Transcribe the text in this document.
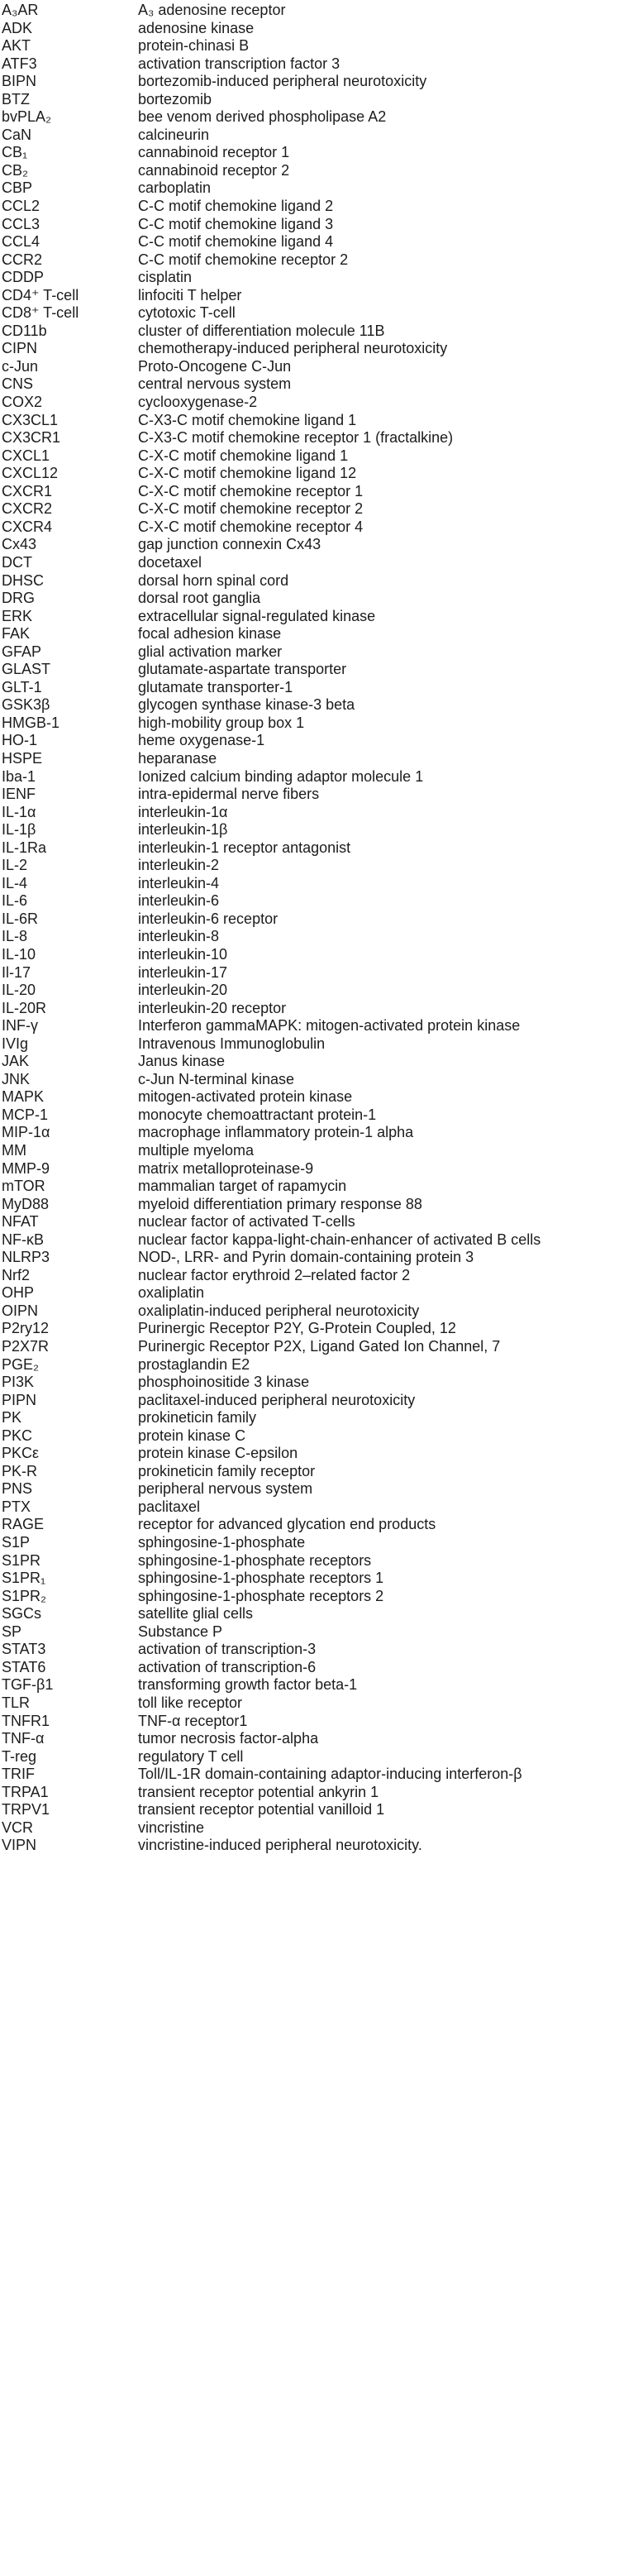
A₃AR	A₃ adenosine receptor
ADK	adenosine kinase
AKT	protein-chinasi B
ATF3	activation transcription factor 3
BIPN	bortezomib-induced peripheral neurotoxicity
BTZ	bortezomib
bvPLA₂	bee venom derived phospholipase A2
CaN	calcineurin
CB₁	cannabinoid receptor 1
CB₂	cannabinoid receptor 2
CBP	carboplatin
CCL2	C-C motif chemokine ligand 2
CCL3	C-C motif chemokine ligand 3
CCL4	C-C motif chemokine ligand 4
CCR2	C-C motif chemokine receptor 2
CDDP	cisplatin
CD4⁺ T-cell	linfociti T helper
CD8⁺ T-cell	cytotoxic T-cell
CD11b	cluster of differentiation molecule 11B
CIPN	chemotherapy-induced peripheral neurotoxicity
c-Jun	Proto-Oncogene C-Jun
CNS	central nervous system
COX2	cyclooxygenase-2
CX3CL1	C-X3-C motif chemokine ligand 1
CX3CR1	C-X3-C motif chemokine receptor 1 (fractalkine)
CXCL1	C-X-C motif chemokine ligand 1
CXCL12	C-X-C motif chemokine ligand 12
CXCR1	C-X-C motif chemokine receptor 1
CXCR2	C-X-C motif chemokine receptor 2
CXCR4	C-X-C motif chemokine receptor 4
Cx43	gap junction connexin Cx43
DCT	docetaxel
DHSC	dorsal horn spinal cord
DRG	dorsal root ganglia
ERK	extracellular signal-regulated kinase
FAK	focal adhesion kinase
GFAP	glial activation marker
GLAST	glutamate-aspartate transporter
GLT-1	glutamate transporter-1
GSK3β	glycogen synthase kinase-3 beta
HMGB-1	high-mobility group box 1
HO-1	heme oxygenase-1
HSPE	heparanase
Iba-1	Ionized calcium binding adaptor molecule 1
IENF	intra-epidermal nerve fibers
IL-1α	interleukin-1α
IL-1β	interleukin-1β
IL-1Ra	interleukin-1 receptor antagonist
IL-2	interleukin-2
IL-4	interleukin-4
IL-6	interleukin-6
IL-6R	interleukin-6 receptor
IL-8	interleukin-8
IL-10	interleukin-10
Il-17	interleukin-17
IL-20	interleukin-20
IL-20R	interleukin-20 receptor
INF-γ	Interferon gammaMAPK: mitogen-activated protein kinase
IVIg	Intravenous Immunoglobulin
JAK	Janus kinase
JNK	c-Jun N-terminal kinase
MAPK	mitogen-activated protein kinase
MCP-1	monocyte chemoattractant protein-1
MIP-1α	macrophage inflammatory protein-1 alpha
MM	multiple myeloma
MMP-9	matrix metalloproteinase-9
mTOR	mammalian target of rapamycin
MyD88	myeloid differentiation primary response 88
NFAT	nuclear factor of activated T-cells
NF-κB	nuclear factor kappa-light-chain-enhancer of activated B cells
NLRP3	NOD-, LRR- and Pyrin domain-containing protein 3
Nrf2	nuclear factor erythroid 2–related factor 2
OHP	oxaliplatin
OIPN	oxaliplatin-induced peripheral neurotoxicity
P2ry12	Purinergic Receptor P2Y, G-Protein Coupled, 12
P2X7R	Purinergic Receptor P2X, Ligand Gated Ion Channel, 7
PGE₂	prostaglandin E2
PI3K	phosphoinositide 3 kinase
PIPN	paclitaxel-induced peripheral neurotoxicity
PK	prokineticin family
PKC	protein kinase C
PKCε	protein kinase C-epsilon
PK-R	prokineticin family receptor
PNS	peripheral nervous system
PTX	paclitaxel
RAGE	receptor for advanced glycation end products
S1P	sphingosine-1-phosphate
S1PR	sphingosine-1-phosphate receptors
S1PR₁	sphingosine-1-phosphate receptors 1
S1PR₂	sphingosine-1-phosphate receptors 2
SGCs	satellite glial cells
SP	Substance P
STAT3	activation of transcription-3
STAT6	activation of transcription-6
TGF-β1	transforming growth factor beta-1
TLR	toll like receptor
TNFR1	TNF-α receptor1
TNF-α	tumor necrosis factor-alpha
T-reg	regulatory T cell
TRIF	Toll/IL-1R domain-containing adaptor-inducing interferon-β
TRPA1	transient receptor potential ankyrin 1
TRPV1	transient receptor potential vanilloid 1
VCR	vincristine
VIPN	vincristine-induced peripheral neurotoxicity.
